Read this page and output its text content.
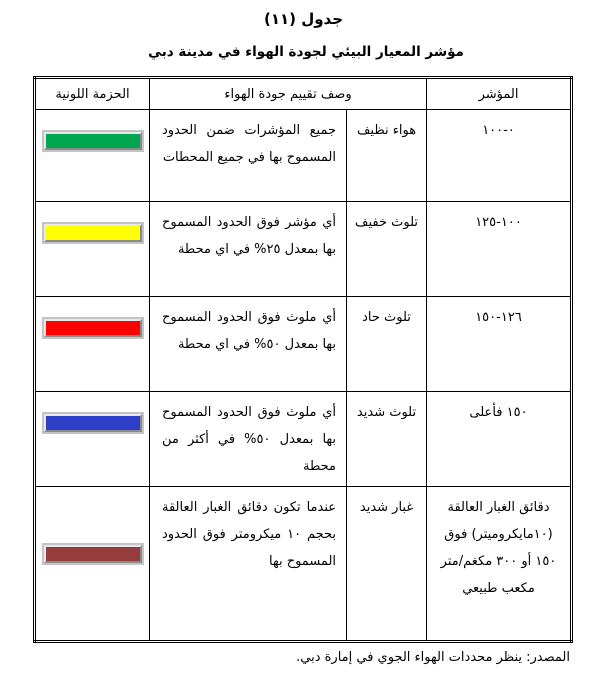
جدول (١١)
مؤشر المعيار البيئي لجودة الهواء في مدينة دبي
المؤشر	وصف تقييم جودة الهواء		الحزمة اللونية
٠-١٠٠	هواء نظيف	جميع المؤشرات ضمن الحدود المسموح بها في جميع المحطات	

١٠٠-١٢٥	تلوث خفيف	أي مؤشر فوق الحدود المسموح بها بمعدل ٢٥% في اي محطة	

١٢٦-١٥٠	تلوث حاد	أي ملوث فوق الحدود المسموح بها بمعدل ٥٠% في اي محطة	

١٥٠ فأعلى	تلوث شديد	أي ملوث فوق الحدود المسموح بها بمعدل ٥٠% في أكثر من محطة	

دقائق الغبار العالقة (١٠مايكروميتر) فوق ١٥٠ أو ٣٠٠ مكغم/متر مكعب طبيعي	غبار شديد	عندما تكون دقائق الغبار العالقة بحجم ١٠ ميكرومتر فوق الحدود المسموح بها	
المصدر: ينظر محددات الهواء الجوي في إمارة دبي.
